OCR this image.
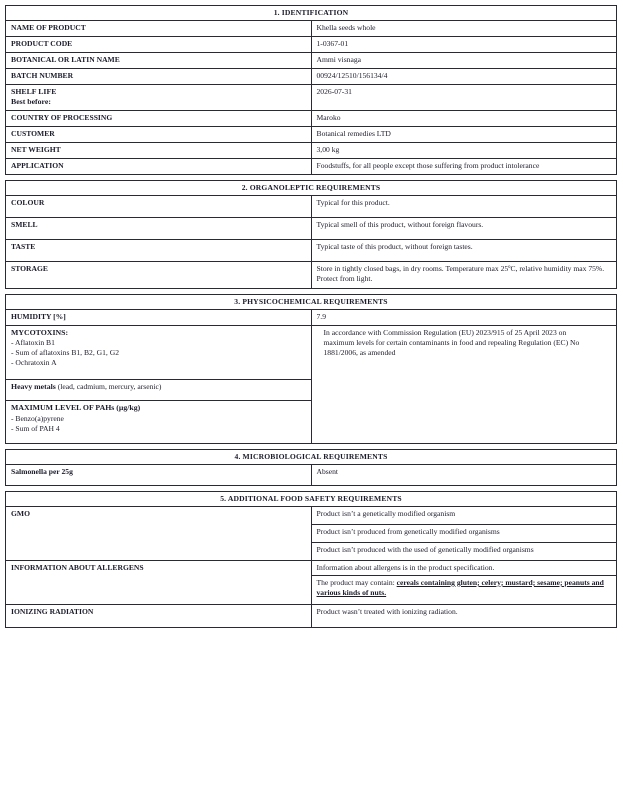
1. IDENTIFICATION	
NAME OF PRODUCT	Khella seeds whole
PRODUCT CODE	1-0367-01
BOTANICAL OR LATIN NAME	Ammi visnaga
BATCH NUMBER	00924/12510/156134/4

SHELF LIFE
Best before:	2026-07-31
COUNTRY OF PROCESSING	Maroko
CUSTOMER	Botanical remedies LTD
NET WEIGHT	3,00 kg
APPLICATION	Foodstuffs, for all people except those suffering from product intolerance
2. ORGANOLEPTIC REQUIREMENTS	
COLOUR	Typical for this product.
SMELL	Typical smell of this product, without foreign flavours.
TASTE	Typical taste of this product, without foreign tastes.
STORAGE	Store in tightly closed bags, in dry rooms. Temperature max 25ºC, relative humidity max 75%. Protect from light.
3. PHYSICOCHEMICAL REQUIREMENTS	
HUMIDITY [%]	7.9

MYCOTOXINS:
- Aflatoxin B1
- Sum of aflatoxins B1, B2, G1, G2
- Ochratoxin A	In accordance with Commission Regulation (EU) 2023/915 of 25 April 2023 on maximum levels for certain contaminants in food and repealing Regulation (EC) No 1881/2006, as amended
Heavy metals (lead, cadmium, mercury, arsenic)	

MAXIMUM LEVEL OF PAHs (µg/kg)
- Benzo(a)pyrene
- Sum of PAH 4	
4. MICROBIOLOGICAL REQUIREMENTS
Salmonella per 25g	Absent
5. ADDITIONAL FOOD SAFETY REQUIREMENTS	
GMO	Product isn’t a genetically modified organism
	Product isn’t produced from genetically modified organisms
	Product isn’t produced with the used of genetically modified organisms
INFORMATION ABOUT ALLERGENS	Information about allergens is in the product specification.
	The product may contain: cereals containing gluten; celery; mustard; sesame; peanuts and various kinds of nuts.
IONIZING RADIATION	Product wasn’t treated with ionizing radiation.
